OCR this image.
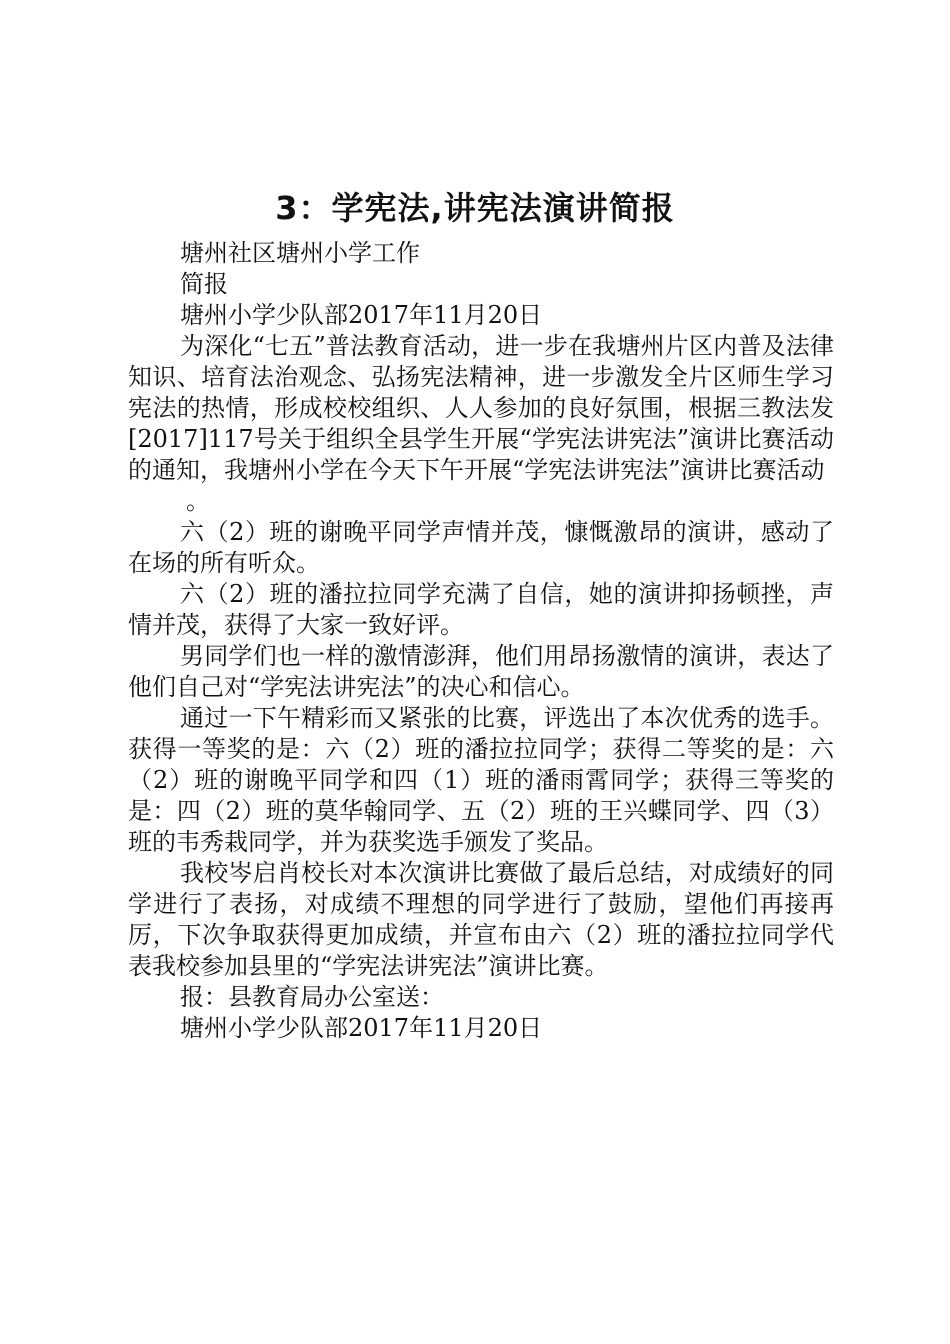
3：学宪法,讲宪法演讲简报

塘州社区塘州小学工作

简报

塘州小学少队部2017年11月20日

为深化“七五”普法教育活动，进一步在我塘州片区内普及法律知识、培育法治观念、弘扬宪法精神，进一步激发全片区师生学习宪法的热情，形成校校组织、人人参加的良好氛围，根据三教法发[2017]117号关于组织全县学生开展“学宪法讲宪法”演讲比赛活动的通知，我塘州小学在今天下午开展“学宪法讲宪法”演讲比赛活动

。

六（2）班的谢晚平同学声情并茂，慷慨激昂的演讲，感动了在场的所有听众。

六（2）班的潘拉拉同学充满了自信，她的演讲抑扬顿挫，声情并茂，获得了大家一致好评。

男同学们也一样的激情澎湃，他们用昂扬激情的演讲，表达了他们自己对“学宪法讲宪法”的决心和信心。

通过一下午精彩而又紧张的比赛，评选出了本次优秀的选手。获得一等奖的是：六（2）班的潘拉拉同学；获得二等奖的是：六（2）班的谢晚平同学和四（1）班的潘雨霄同学；获得三等奖的是：四（2）班的莫华翰同学、五（2）班的王兴蝶同学、四（3）班的韦秀栽同学，并为获奖选手颁发了奖品。

我校岑启肖校长对本次演讲比赛做了最后总结，对成绩好的同学进行了表扬，对成绩不理想的同学进行了鼓励，望他们再接再厉，下次争取获得更加成绩，并宣布由六（2）班的潘拉拉同学代表我校参加县里的“学宪法讲宪法”演讲比赛。

报：县教育局办公室送：

塘州小学少队部2017年11月20日
